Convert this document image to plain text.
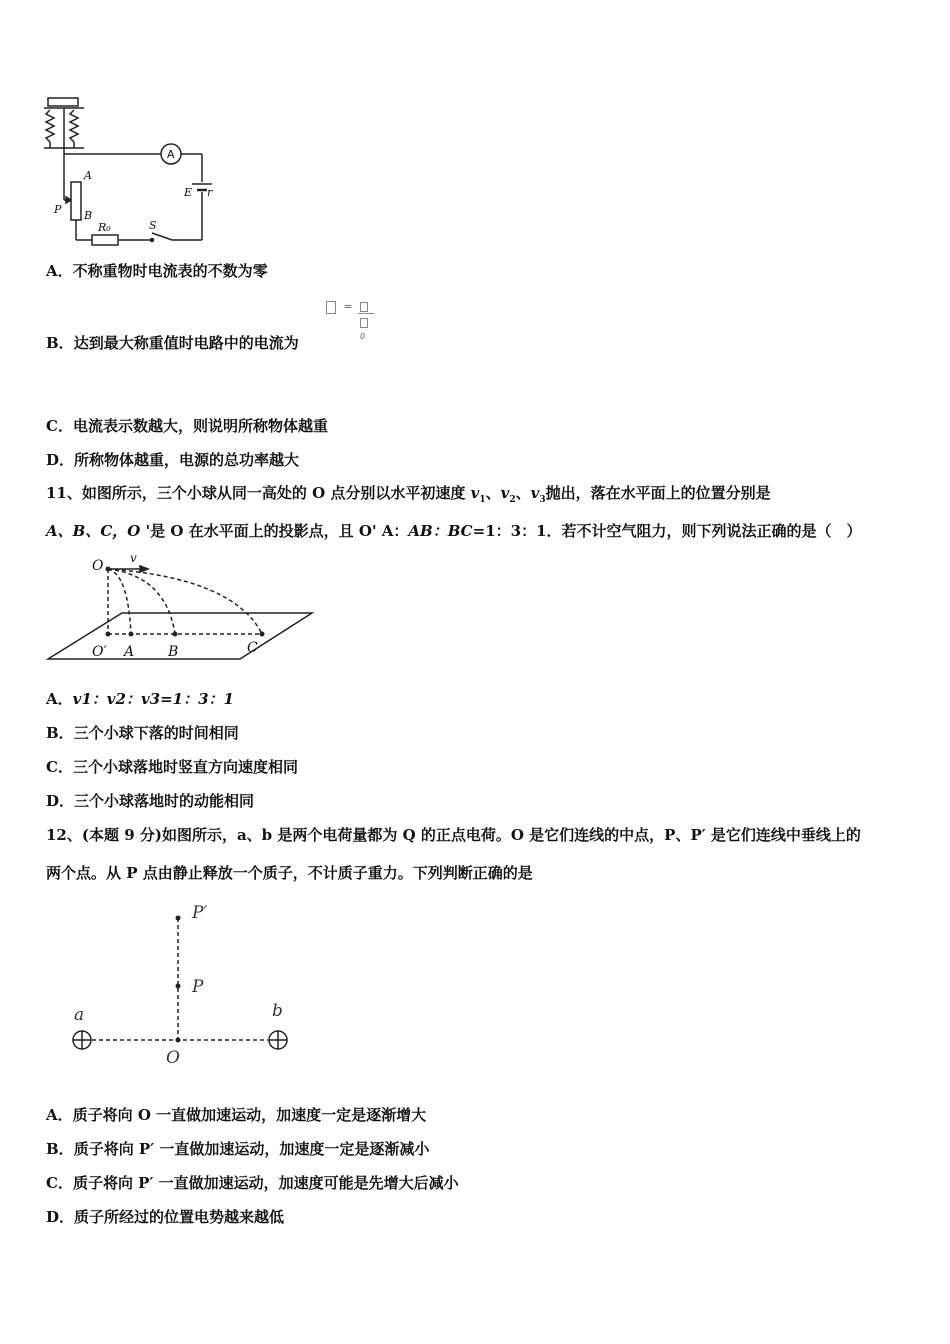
A
P B
E r
R₀	S
A
A．不称重物时电流表的不数为零
=
0
B．达到最大称重值时电路中的电流为
C．电流表示数越大，则说明所称物体越重
D．所称物体越重，电源的总功率越大
11、如图所示，三个小球从同一高处的 O 点分别以水平初速度 $v_1$、$v_2$、$v_3$抛出，落在水平面上的位置分别是
A、B、C，O '是 O 在水平面上的投影点，且 O' A：AB：BC=1：3：1．若不计空气阻力，则下列说法正确的是（　）
O v
O′ A B	C
A．v1：v2：v3=1：3：1
B．三个小球下落的时间相同
C．三个小球落地时竖直方向速度相同
D．三个小球落地时的动能相同
12、(本题 9 分)如图所示，a、b 是两个电荷量都为 Q 的正点电荷。O 是它们连线的中点，P、P′ 是它们连线中垂线上的
两个点。从 P 点由静止释放一个质子，不计质子重力。下列判断正确的是
P′
P
a	b
O
A．质子将向 O 一直做加速运动，加速度一定是逐渐增大
B．质子将向 P′ 一直做加速运动，加速度一定是逐渐减小
C．质子将向 P′ 一直做加速运动，加速度可能是先增大后减小
D．质子所经过的位置电势越来越低
